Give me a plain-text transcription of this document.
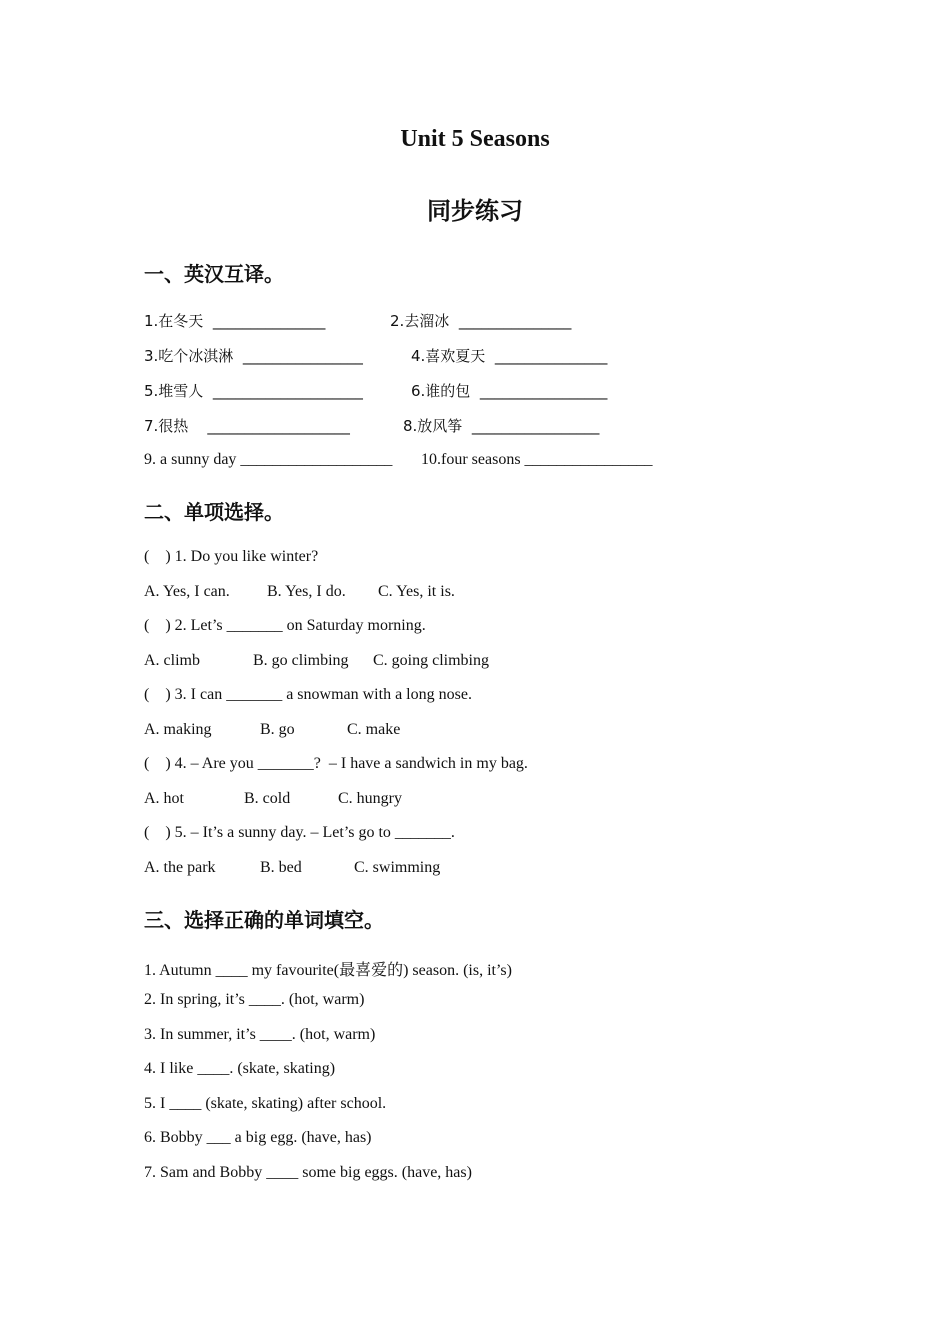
Unit 5 Seasons
同步练习
一、英汉互译。
1.在冬天  _______________	2.去溜冰  _______________
3.吃个冰淇淋  ________________	4.喜欢夏天  _______________
5.堆雪人  ____________________	6.谁的包  _________________
7.很热    ___________________	8.放风筝  _________________
9. a sunny day ___________________ 10.four seasons ________________
二、单项选择。
(    ) 1. Do you like winter?
A. Yes, I can. B. Yes, I do. C. Yes, it is.
(    ) 2. Let’s _______ on Saturday morning.
A. climb	B. go climbing C. going climbing
(    ) 3. I can _______ a snowman with a long nose.
A. making	B. go	C. make
(    ) 4. – Are you _______?  – I have a sandwich in my bag.
A. hot	B. cold	C. hungry
(    ) 5. – It’s a sunny day. – Let’s go to _______.
A. the park	B. bed	C. swimming
三、选择正确的单词填空。
1. Autumn ____ my favourite(最喜爱的) season. (is, it’s)
2. In spring, it’s ____. (hot, warm)
3. In summer, it’s ____. (hot, warm)
4. I like ____. (skate, skating)
5. I ____ (skate, skating) after school.
6. Bobby ___ a big egg. (have, has)
7. Sam and Bobby ____ some big eggs. (have, has)
